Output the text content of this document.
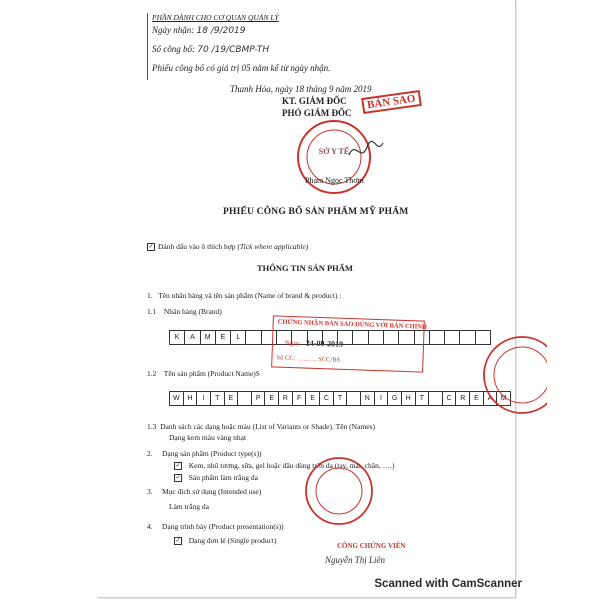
PHẦN DÀNH CHO CƠ QUAN QUẢN LÝ
Ngày nhận: 18 /9/2019
Số công bố: 70 /19/CBMP-TH
Phiếu công bố có giá trị 05 năm kể từ ngày nhận.
Thanh Hóa, ngày 18 tháng 9 năm 2019
KT. GIÁM ĐỐC
PHÓ GIÁM ĐỐC
BẢN SAO
SỞ Y TẾ
Phạm Ngọc Thơm
PHIẾU CÔNG BỐ SẢN PHẨM MỸ PHẨM
✓ Đánh dấu vào ô thích hợp (Tick where applicable)
THÔNG TIN SẢN PHẨM
1. Tên nhãn hàng và tên sản phẩm (Name of brand & product) :
1.1 Nhãn hàng (Brand)
K	A	M	E	L
1.2 Tên sản phẩm (Product Name)S
W	H	I	T	E	P	E	R	F	E	C	T	N	I	G	H	T	C	R	E	A	M
1.3 Danh sách các dạng hoặc màu (List of Variants or Shade). Tên (Names)
Dạng kem màu vàng nhạt
2. Dạng sản phẩm (Product type(s))
✓ Kem, nhũ tương, sữa, gel hoặc dầu dùng trên da (tay, mặt, chân, ….)
✓ Sản phẩm làm trắng da
3. Mục đích sử dụng (Intended use)
Làm trắng da
4. Dạng trình bày (Product presentation(s))
✓ Dạng đơn lẻ (Single product)
CHỨNG NHẬN BẢN SAO ĐÚNG VỚI BẢN CHÍNH
Ngày: 24-09-2019
Số CC: ……… SCC/BS
CÔNG CHỨNG VIÊN
Nguyễn Thị Liên
Scanned with CamScanner
